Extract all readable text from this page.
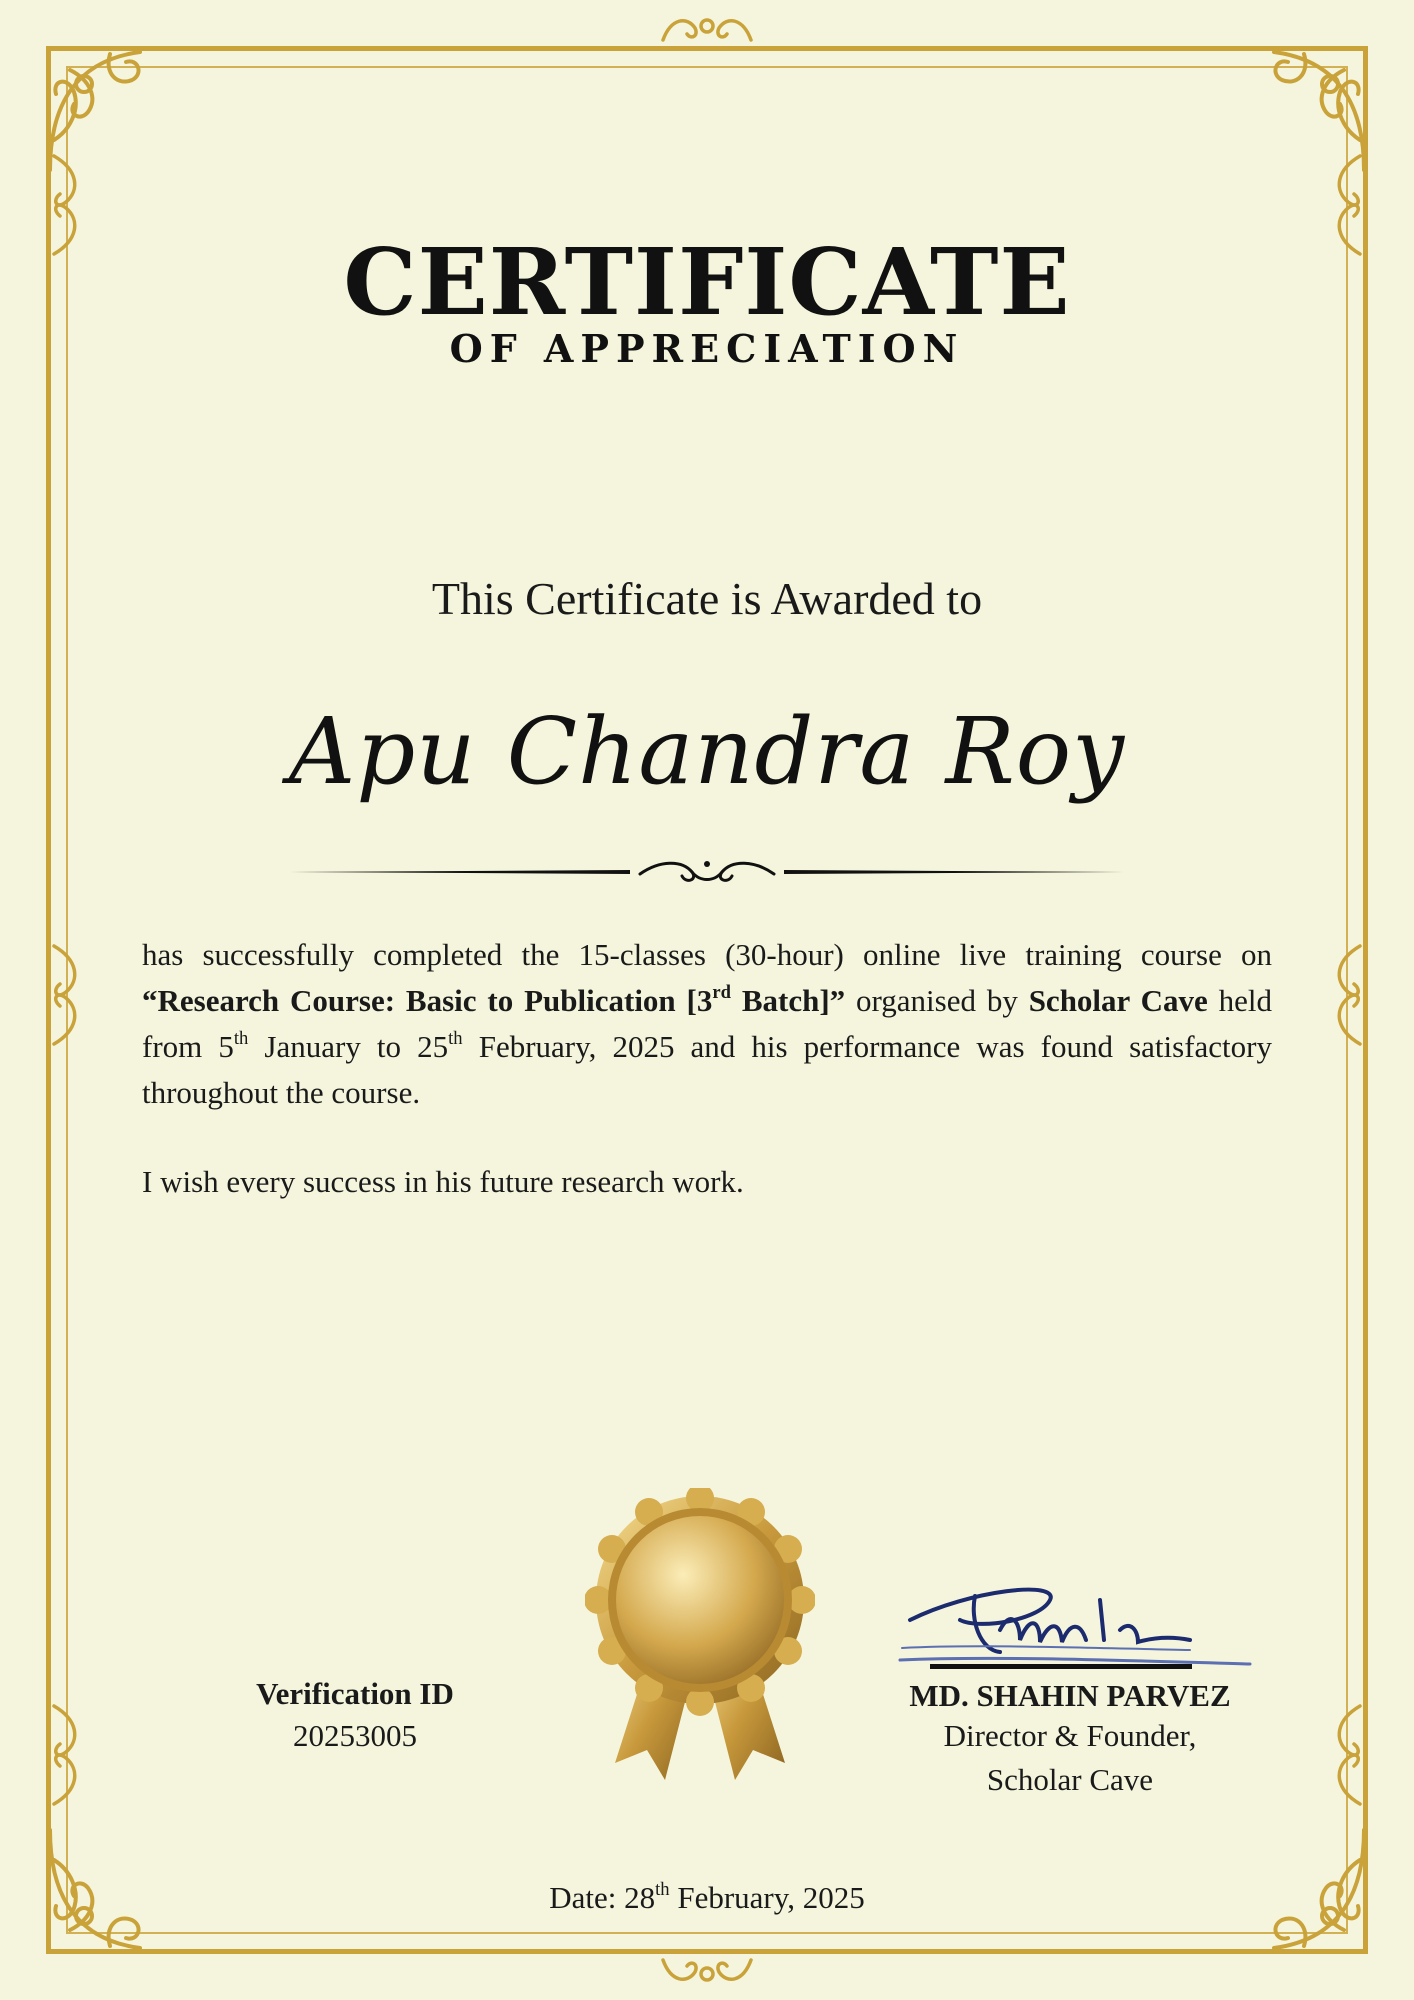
CERTIFICATE
OF APPRECIATION
This Certificate is Awarded to
Apu Chandra Roy
has successfully completed the 15-classes (30-hour) online live training course on “Research Course: Basic to Publication [3rd Batch]” organised by Scholar Cave held from 5th January to 25th February, 2025 and his performance was found satisfactory throughout the course.
I wish every success in his future research work.
Verification ID
20253005
MD. SHAHIN PARVEZ
Director & Founder,
Scholar Cave
Date: 28th February, 2025
